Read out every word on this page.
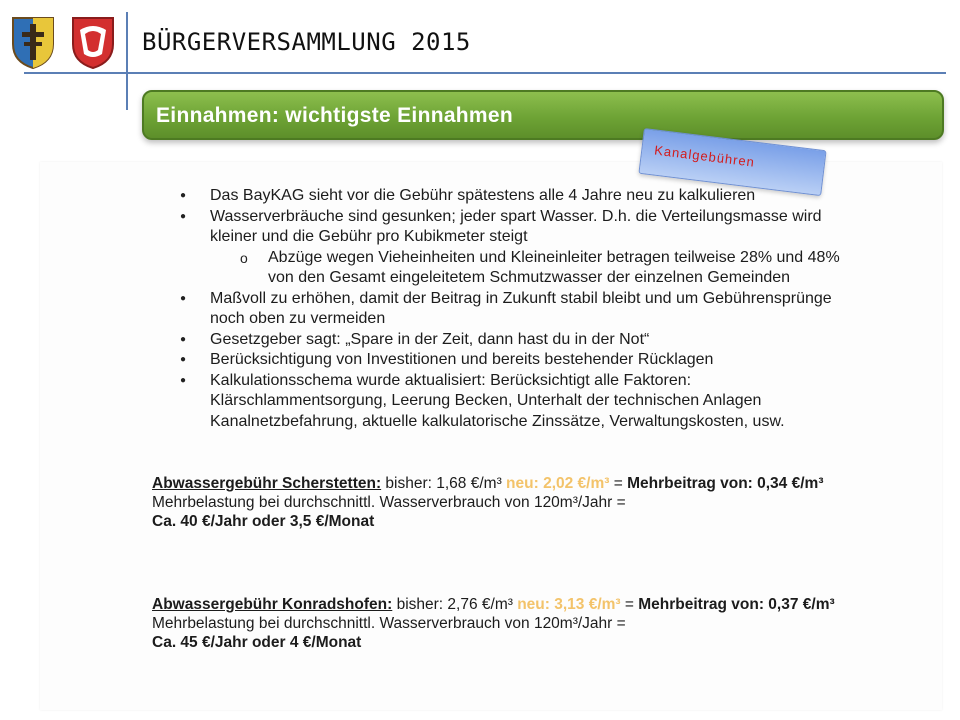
BÜRGERVERSAMMLUNG 2015
Einnahmen: wichtigste Einnahmen
● Das BayKAG sieht vor die Gebühr spätestens alle 4 Jahre neu zu kalkulieren
● Wasserverbräuche sind gesunken; jeder spart Wasser. D.h. die Verteilungsmasse wird kleiner und die Gebühr pro Kubikmeter steigt
o Abzüge wegen Vieheinheiten und Kleineinleiter betragen teilweise 28% und 48% von den Gesamt eingeleitetem Schmutzwasser der einzelnen Gemeinden
● Maßvoll zu erhöhen, damit der Beitrag in Zukunft stabil bleibt und um Gebührensprünge noch oben zu vermeiden
● Gesetzgeber sagt: „Spare in der Zeit, dann hast du in der Not“
● Berücksichtigung von Investitionen und bereits bestehender Rücklagen
● Kalkulationsschema wurde aktualisiert: Berücksichtigt alle Faktoren: Klärschlammentsorgung, Leerung Becken, Unterhalt der technischen Anlagen Kanalnetzbefahrung, aktuelle kalkulatorische Zinssätze, Verwaltungskosten, usw.
Abwassergebühr Scherstetten: bisher: 1,68 €/m³ neu: 2,02 €/m³ = Mehrbeitrag von: 0,34 €/m³
Mehrbelastung bei durchschnittl. Wasserverbrauch von 120m³/Jahr =
Ca. 40 €/Jahr oder 3,5 €/Monat
Abwassergebühr Konradshofen: bisher: 2,76 €/m³ neu: 3,13 €/m³ = Mehrbeitrag von: 0,37 €/m³
Mehrbelastung bei durchschnittl. Wasserverbrauch von 120m³/Jahr =
Ca. 45 €/Jahr oder 4 €/Monat
Kanalgebühren
